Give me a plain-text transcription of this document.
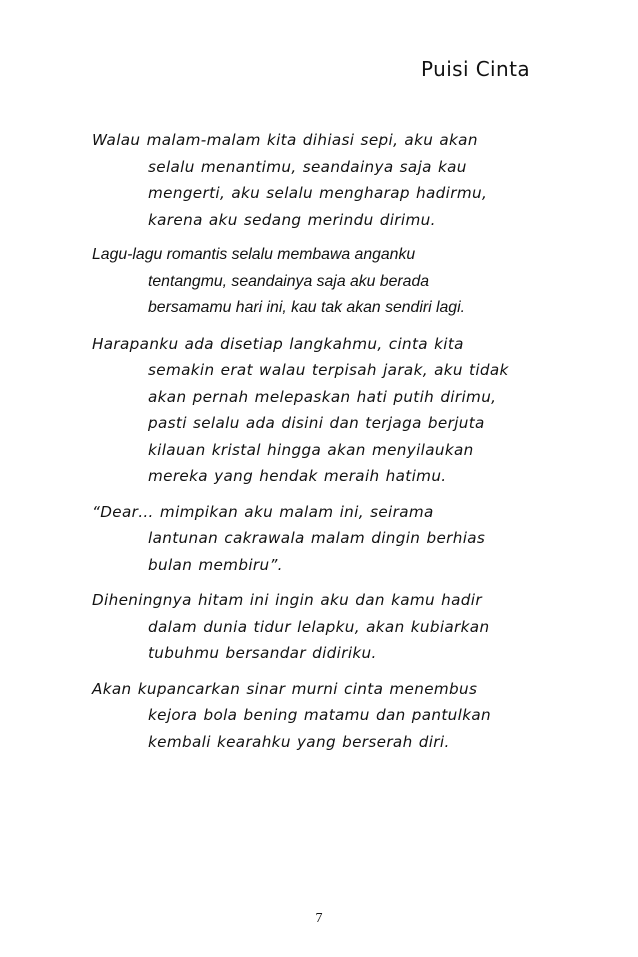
Puisi Cinta
Walau malam-malam kita dihiasi sepi, aku akan
selalu menantimu, seandainya saja kau
mengerti, aku selalu mengharap hadirmu,
karena aku sedang merindu dirimu.
Lagu-lagu romantis selalu membawa anganku
tentangmu, seandainya saja aku berada
bersamamu hari ini, kau tak akan sendiri lagi.
Harapanku ada disetiap langkahmu, cinta kita
semakin erat walau terpisah jarak, aku tidak
akan pernah melepaskan hati putih dirimu,
pasti selalu ada disini dan terjaga berjuta
kilauan kristal hingga akan menyilaukan
mereka yang hendak meraih hatimu.
“Dear… mimpikan aku malam ini, seirama
lantunan cakrawala malam dingin berhias
bulan membiru”.
Diheningnya hitam ini ingin aku dan kamu hadir
dalam dunia tidur lelapku, akan kubiarkan
tubuhmu bersandar didiriku.
Akan kupancarkan sinar murni cinta menembus
kejora bola bening matamu dan pantulkan
kembali kearahku yang berserah diri.
7
